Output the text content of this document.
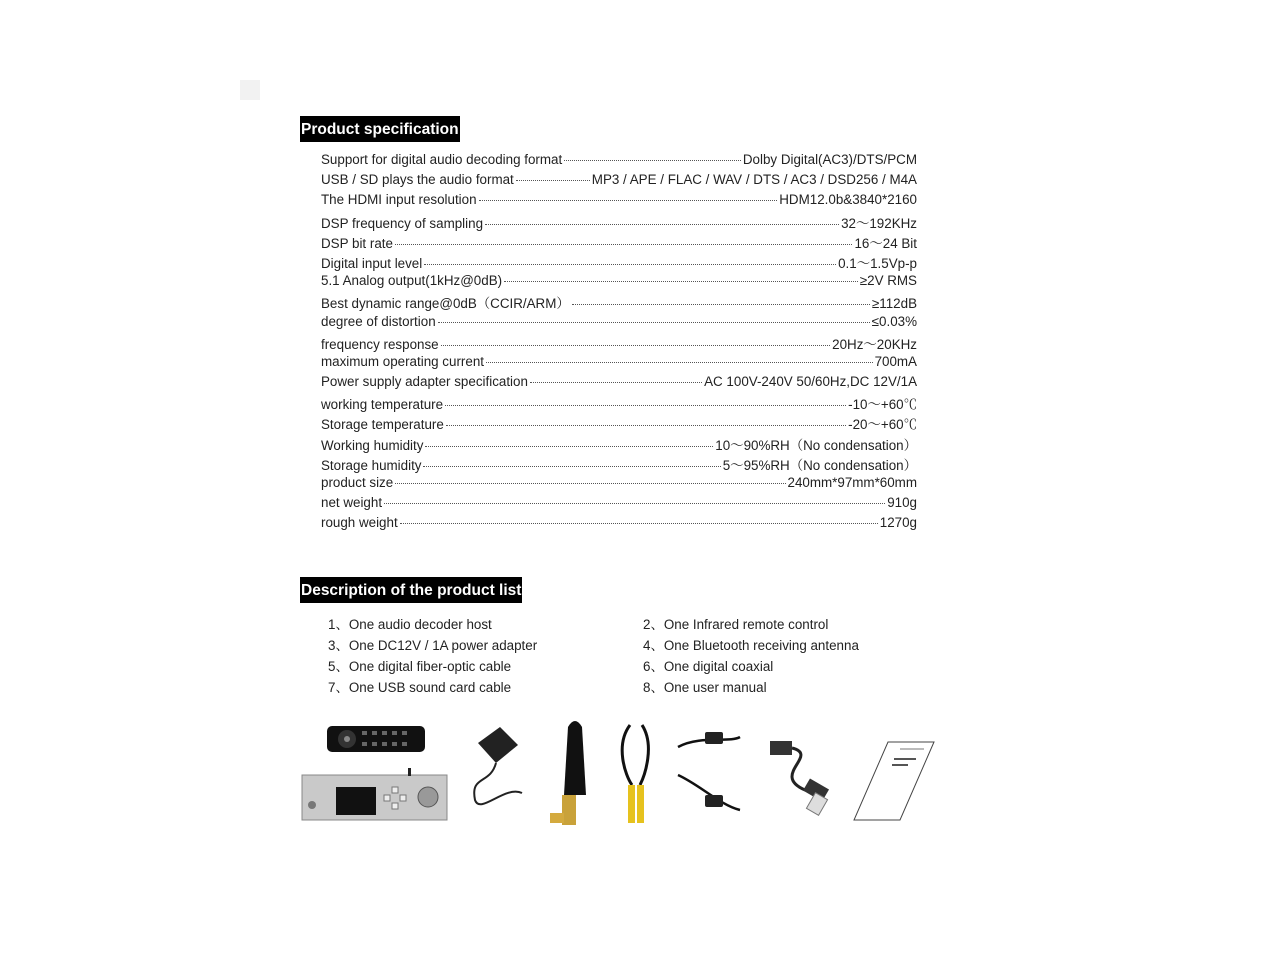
Product specification
Support for digital audio decoding format	Dolby Digital(AC3)/DTS/PCM
USB / SD plays the audio format	MP3 / APE / FLAC / WAV / DTS / AC3 / DSD256 / M4A
The HDMI input resolution	HDM12.0b&3840*2160
DSP frequency of sampling	32～192KHz
DSP bit rate	16～24 Bit
Digital input level	0.1～1.5Vp-p
5.1 Analog output(1kHz@0dB)	≥2V RMS
Best dynamic range@0dB（CCIR/ARM）	≥112dB
degree of distortion	≤0.03%
frequency response	20Hz～20KHz
maximum operating current	700mA
Power supply adapter specification	AC 100V-240V 50/60Hz,DC 12V/1A
working temperature	-10～+60℃
Storage temperature	-20～+60℃
Working humidity	10～90%RH（No condensation）
Storage humidity	5～95%RH（No condensation）
product size	240mm*97mm*60mm
net weight	910g
rough weight	1270g
Description of the product list
1、One audio decoder host
3、One DC12V / 1A power adapter
5、One digital fiber-optic cable
7、One USB sound card cable
2、One Infrared remote control
4、One Bluetooth receiving antenna
6、One digital coaxial
8、One user manual
